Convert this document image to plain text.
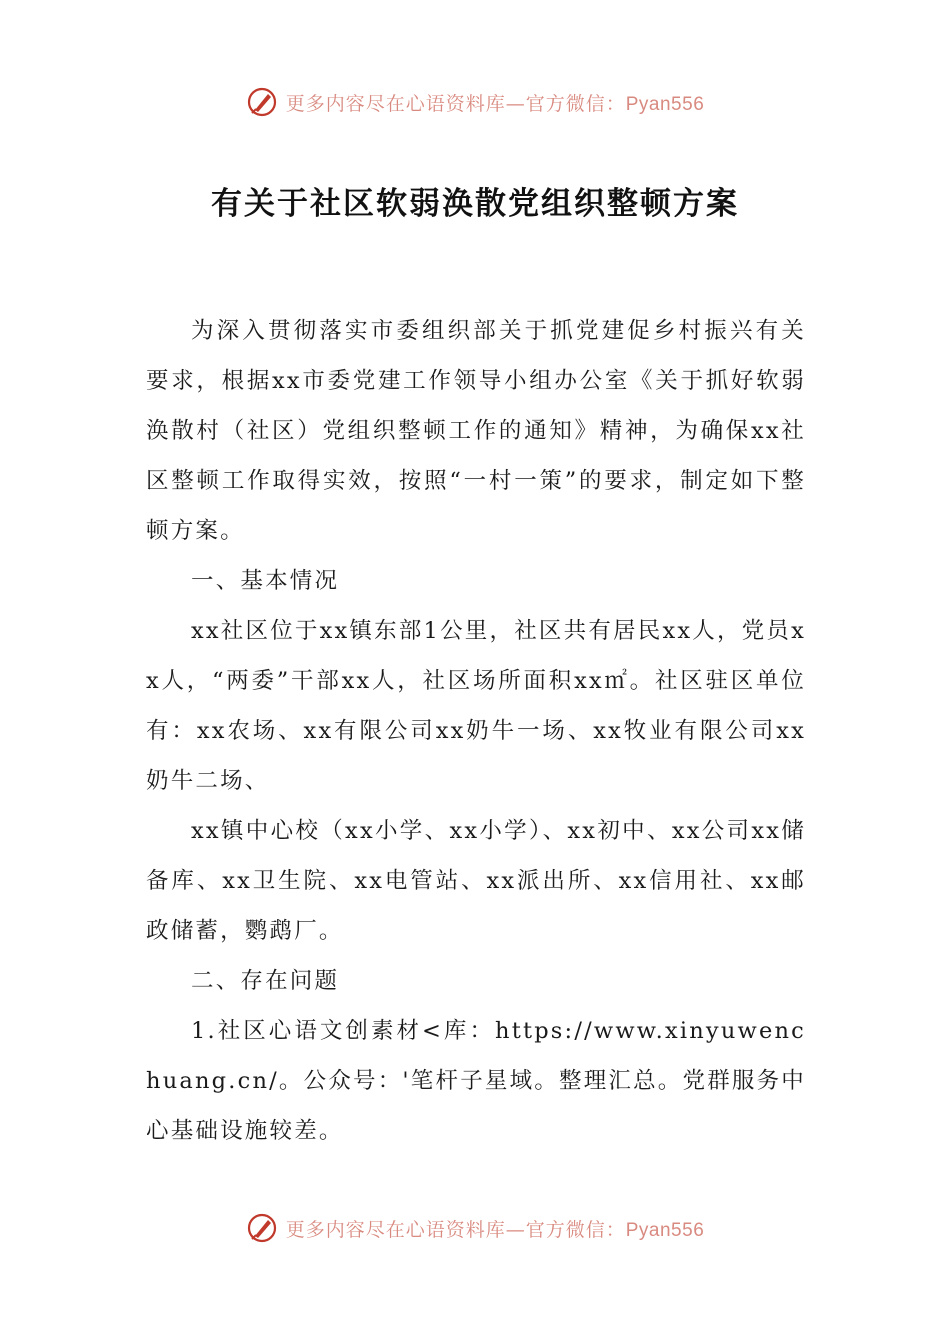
更多内容尽在心语资料库—官方微信：Pyan556
有关于社区软弱涣散党组织整顿方案

为深入贯彻落实市委组织部关于抓党建促乡村振兴有关要求，根据xx市委党建工作领导小组办公室《关于抓好软弱涣散村（社区）党组织整顿工作的通知》精神，为确保xx社区整顿工作取得实效，按照“一村一策”的要求，制定如下整顿方案。

一、基本情况

xx社区位于xx镇东部1公里，社区共有居民xx人，党员xx人，“两委”干部xx人，社区场所面积xx㎡。社区驻区单位有：xx农场、xx有限公司xx奶牛一场、xx牧业有限公司xx奶牛二场、

xx镇中心校（xx小学、xx小学）、xx初中、xx公司xx储备库、xx卫生院、xx电管站、xx派出所、xx信用社、xx邮政储蓄，鹦鹉厂。

二、存在问题

1.社区心语文创素材<库：https://www.xinyuwenchuang.cn/。公众号：'笔杆子星域。整理汇总。党群服务中心基础设施较差。

更多内容尽在心语资料库—官方微信：Pyan556
